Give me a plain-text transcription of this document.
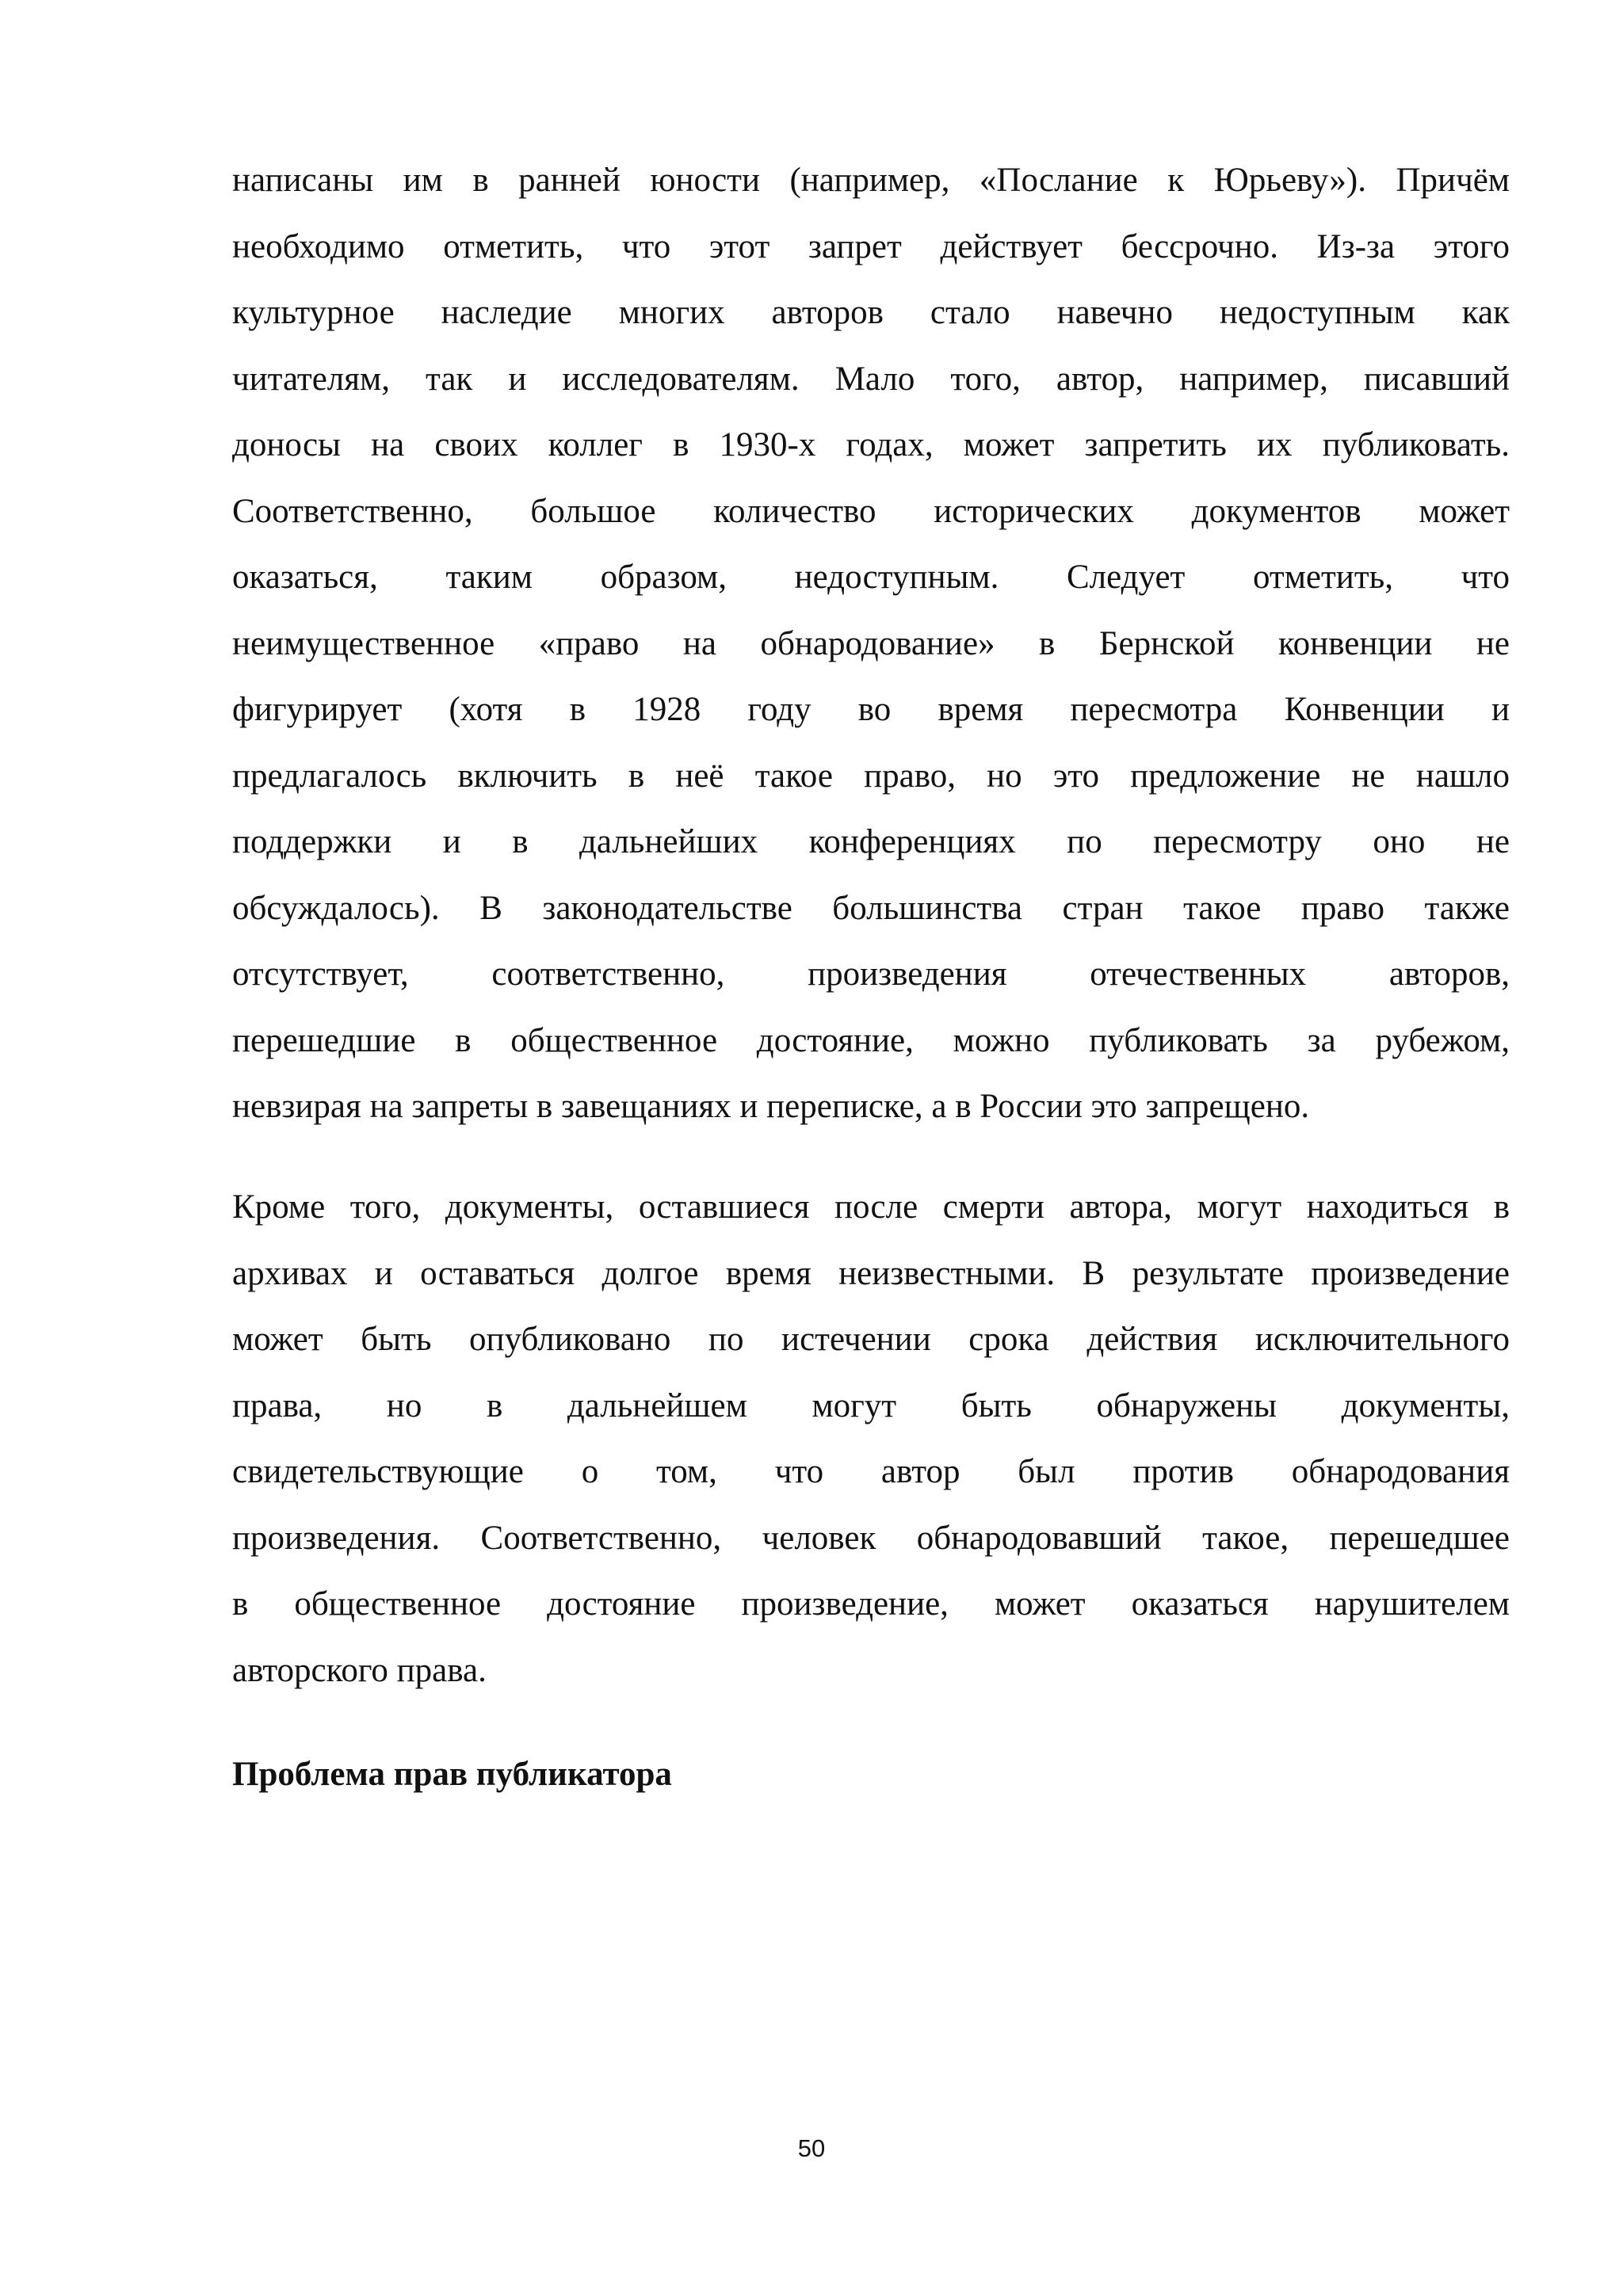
написаны им в ранней юности (например, «Послание к Юрьеву»). Причём
необходимо отметить, что этот запрет действует бессрочно. Из-за этого
культурное наследие многих авторов стало навечно недоступным как
читателям, так и исследователям. Мало того, автор, например, писавший
доносы на своих коллег в 1930-х годах, может запретить их публиковать.
Соответственно, большое количество исторических документов может
оказаться, таким образом, недоступным. Следует отметить, что
неимущественное «право на обнародование» в Бернской конвенции не
фигурирует (хотя в 1928 году во время пересмотра Конвенции и
предлагалось включить в неё такое право, но это предложение не нашло
поддержки и в дальнейших конференциях по пересмотру оно не
обсуждалось). В законодательстве большинства стран такое право также
отсутствует, соответственно, произведения отечественных авторов,
перешедшие в общественное достояние, можно публиковать за рубежом,
невзирая на запреты в завещаниях и переписке, а в России это запрещено.
Кроме того, документы, оставшиеся после смерти автора, могут находиться в
архивах и оставаться долгое время неизвестными. В результате произведение
может быть опубликовано по истечении срока действия исключительного
права, но в дальнейшем могут быть обнаружены документы,
свидетельствующие о том, что автор был против обнародования
произведения. Соответственно, человек обнародовавший такое, перешедшее
в общественное достояние произведение, может оказаться нарушителем
авторского права.
Проблема прав публикатора
50
